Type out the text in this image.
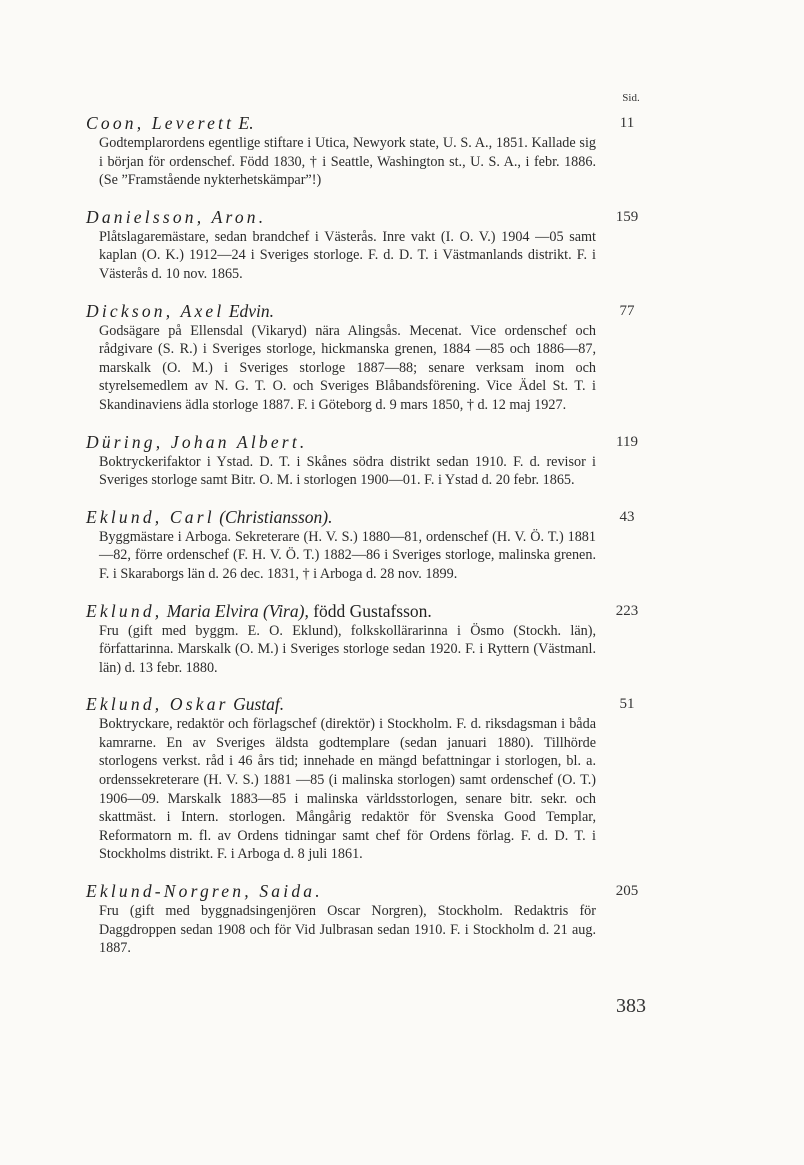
Sid.
Coon, Leverett E.	11
Godtemplarordens egentlige stiftare i Utica, Newyork state, U. S. A., 1851. Kallade sig i början för ordenschef. Född 1830, † i Seattle, Washington st., U. S. A., i febr. 1886. (Se ”Framstående nykterhetskämpar”!)
Danielsson, Aron.	159
Plåtslagaremästare, sedan brandchef i Västerås. Inre vakt (I. O. V.) 1904 —05 samt kaplan (O. K.) 1912—24 i Sveriges storloge. F. d. D. T. i Västmanlands distrikt. F. i Västerås d. 10 nov. 1865.
Dickson, Axel Edvin.	77
Godsägare på Ellensdal (Vikaryd) nära Alingsås. Mecenat. Vice ordenschef och rådgivare (S. R.) i Sveriges storloge, hickmanska grenen, 1884 —85 och 1886—87, marskalk (O. M.) i Sveriges storloge 1887—88; senare verksam inom och styrelsemedlem av N. G. T. O. och Sveriges Blåbandsförening. Vice Ädel St. T. i Skandinaviens ädla storloge 1887. F. i Göteborg d. 9 mars 1850, † d. 12 maj 1927.
Düring, Johan Albert.	119
Boktryckerifaktor i Ystad. D. T. i Skånes södra distrikt sedan 1910. F. d. revisor i Sveriges storloge samt Bitr. O. M. i storlogen 1900—01. F. i Ystad d. 20 febr. 1865.
Eklund, Carl (Christiansson).	43
Byggmästare i Arboga. Sekreterare (H. V. S.) 1880—81, ordenschef (H. V. Ö. T.) 1881—82, förre ordenschef (F. H. V. Ö. T.) 1882—86 i Sveriges storloge, malinska grenen. F. i Skaraborgs län d. 26 dec. 1831, † i Arboga d. 28 nov. 1899.
Eklund, Maria Elvira (Vira), född Gustafsson.	223
Fru (gift med byggm. E. O. Eklund), folkskollärarinna i Ösmo (Stockh. län), författarinna. Marskalk (O. M.) i Sveriges storloge sedan 1920. F. i Ryttern (Västmanl. län) d. 13 febr. 1880.
Eklund, Oskar Gustaf.	51
Boktryckare, redaktör och förlagschef (direktör) i Stockholm. F. d. riksdagsman i båda kamrarne. En av Sveriges äldsta godtemplare (sedan januari 1880). Tillhörde storlogens verkst. råd i 46 års tid; innehade en mängd befattningar i storlogen, bl. a. ordenssekreterare (H. V. S.) 1881 —85 (i malinska storlogen) samt ordenschef (O. T.) 1906—09. Marskalk 1883—85 i malinska världsstorlogen, senare bitr. sekr. och skattmäst. i Intern. storlogen. Mångårig redaktör för Svenska Good Templar, Reformatorn m. fl. av Ordens tidningar samt chef för Ordens förlag. F. d. D. T. i Stockholms distrikt. F. i Arboga d. 8 juli 1861.
Eklund-Norgren, Saida.	205
Fru (gift med byggnadsingenjören Oscar Norgren), Stockholm. Redaktris för Daggdroppen sedan 1908 och för Vid Julbrasan sedan 1910. F. i Stockholm d. 21 aug. 1887.
383
